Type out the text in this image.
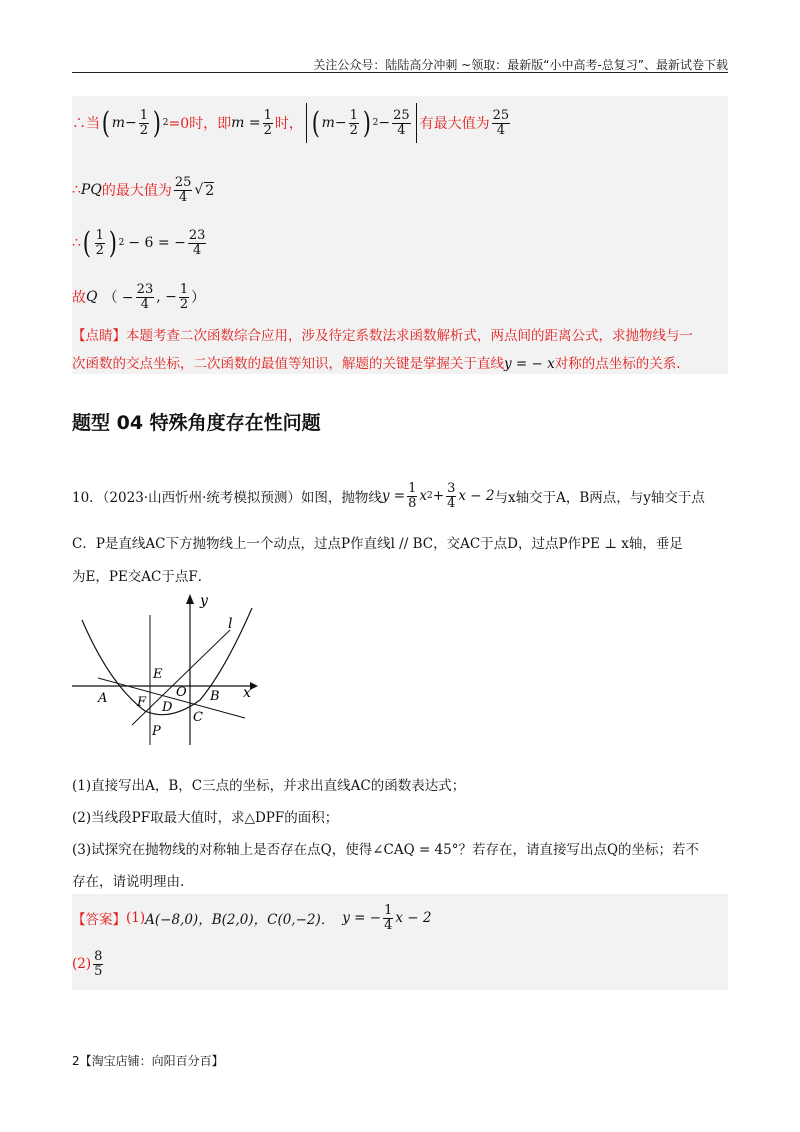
关注公众号：陆陆高分冲刺 ~领取：最新版“小中高考-总复习”、最新试卷下载
∴当 ( $m - \frac{1}{2}$ ) 2 =0时，即 $m = \frac{1}{2}$ 时， ( $m - \frac{1}{2}$ ) $2 - \frac{25}{4}$ 有最大值为 $\frac{25}{4}$
∴ PQ 的最大值为 $\frac{25}{4}$ √ 2
∴ ( $\frac{1}{2}$ ) 2 − 6 = − $\frac{23}{4}$
故 Q （ − $\frac{23}{4}$ , − $\frac{1}{2}$ ）
【点睛】本题考查二次函数综合应用，涉及待定系数法求函数解析式，两点间的距离公式，求抛物线与一
次函数的交点坐标，二次函数的最值等知识，解题的关键是掌握关于直线y = − x对称的点坐标的关系.
题型 04 特殊角度存在性问题
10．（2023·山西忻州·统考模拟预测）如图，抛物线 $y = \frac{1}{8}$ x $2 + \frac{3}{4}$ x − 2 与x轴交于A，B两点，与y轴交于点
C．P是直线AC下方抛物线上一个动点，过点P作直线l // BC，交AC于点D，过点P作PE ⊥ x轴，垂足
为E，PE交AC于点F．
y
x
l
E
O
A	B
F D
C
P
(1)直接写出A，B，C三点的坐标，并求出直线AC的函数表达式；
(2)当线段PF取最大值时，求△DPF的面积；
(3)试探究在抛物线的对称轴上是否存在点Q，使得∠CAQ = 45°？若存在，请直接写出点Q的坐标；若不
存在，请说明理由.
【答案】 (1) A(−8,0)，B(2,0)，C(0,−2)． y = − $\frac{1}{4}$ x − 2
$(2) \frac{8}{5}$
2【淘宝店铺：向阳百分百】
